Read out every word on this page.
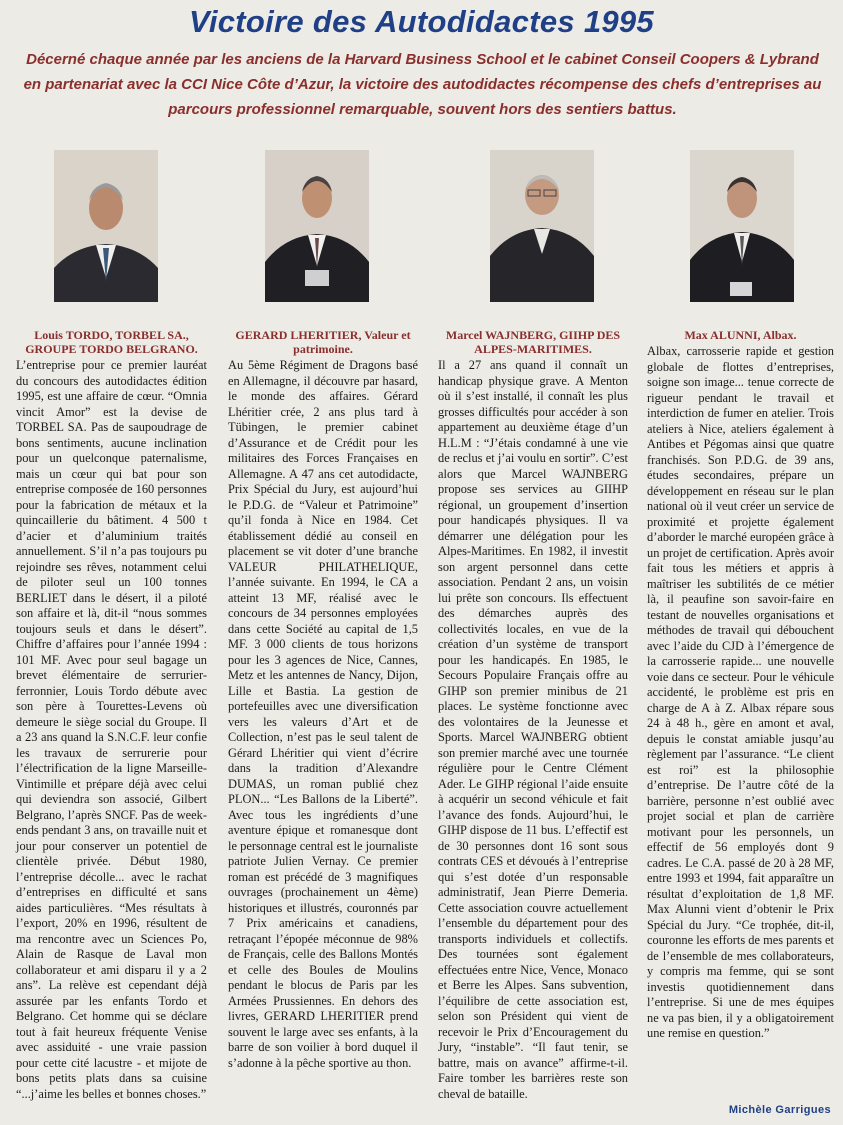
Victoire des Autodidactes 1995
Décerné chaque année par les anciens de la Harvard Business School et le cabinet Conseil Coopers & Lybrand en partenariat avec la CCI Nice Côte d’Azur, la victoire des autodidactes récompense des chefs d’entreprises au parcours professionnel remarquable, souvent hors des sentiers battus.
Louis TORDO, TORBEL SA., GROUPE TORDO BELGRANO.

L’entreprise pour ce premier lauréat du concours des autodidactes édition 1995, est une affaire de cœur. “Omnia vincit Amor” est la devise de TORBEL SA. Pas de saupoudrage de bons sentiments, aucune inclination pour un quelconque paternalisme, mais un cœur qui bat pour son entreprise composée de 160 personnes pour la fabrication de métaux et la quincaillerie du bâtiment. 4 500 t d’acier et d’aluminium traités annuellement. S’il n’a pas toujours pu rejoindre ses rêves, notamment celui de piloter seul un 100 tonnes BERLIET dans le désert, il a piloté son affaire et là, dit-il “nous sommes toujours seuls et dans le désert”. Chiffre d’affaires pour l’année 1994 : 101 MF. Avec pour seul bagage un brevet élémentaire de serrurier-ferronnier, Louis Tordo débute avec son père à Tourettes-Levens où demeure le siège social du Groupe. Il a 23 ans quand la S.N.C.F. leur confie les travaux de serrurerie pour l’électrification de la ligne Marseille-Vintimille et prépare déjà avec celui qui deviendra son associé, Gilbert Belgrano, l’après SNCF. Pas de week-ends pendant 3 ans, on travaille nuit et jour pour conserver un potentiel de clientèle privée. Début 1980, l’entreprise décolle... avec le rachat d’entreprises en difficulté et sans aides particulières. “Mes résultats à l’export, 20% en 1996, résultent de ma rencontre avec un Sciences Po, Alain de Rasque de Laval mon collaborateur et ami disparu il y a 2 ans”. La relève est cependant déjà assurée par les enfants Tordo et Belgrano. Cet homme qui se déclare tout à fait heureux fréquente Venise avec assiduité - une vraie passion pour cette cité lacustre - et mijote de bons petits plats dans sa cuisine “...j’aime les belles et bonnes choses.”

GERARD LHERITIER, Valeur et patrimoine.

Au 5ème Régiment de Dragons basé en Allemagne, il découvre par hasard, le monde des affaires. Gérard Lhéritier crée, 2 ans plus tard à Tübingen, le premier cabinet d’Assurance et de Crédit pour les militaires des Forces Françaises en Allemagne. A 47 ans cet autodidacte, Prix Spécial du Jury, est aujourd’hui le P.D.G. de “Valeur et Patrimoine” qu’il fonda à Nice en 1984. Cet établissement dédié au conseil en placement se vit doter d’une branche VALEUR PHILATHELIQUE, l’année suivante. En 1994, le CA a atteint 13 MF, réalisé avec le concours de 34 personnes employées dans cette Société au capital de 1,5 MF. 3 000 clients de tous horizons pour les 3 agences de Nice, Cannes, Metz et les antennes de Nancy, Dijon, Lille et Bastia. La gestion de portefeuilles avec une diversification vers les valeurs d’Art et de Collection, n’est pas le seul talent de Gérard Lhéritier qui vient d’écrire dans la tradition d’Alexandre DUMAS, un roman publié chez PLON... “Les Ballons de la Liberté”. Avec tous les ingrédients d’une aventure épique et romanesque dont le personnage central est le journaliste patriote Julien Vernay. Ce premier roman est précédé de 3 magnifiques ouvrages (prochainement un 4ème) historiques et illustrés, couronnés par 7 Prix américains et canadiens, retraçant l’épopée méconnue de 98% de Français, celle des Ballons Montés et celle des Boules de Moulins pendant le blocus de Paris par les Armées Prussiennes. En dehors des livres, GERARD LHERITIER prend souvent le large avec ses enfants, à la barre de son voilier à bord duquel il s’adonne à la pêche sportive au thon.

Marcel WAJNBERG, GIIHP DES ALPES-MARITIMES.

Il a 27 ans quand il connaît un handicap physique grave. A Menton où il s’est installé, il connaît les plus grosses difficultés pour accéder à son appartement au deuxième étage d’un H.L.M : “J’étais condamné à une vie de reclus et j’ai voulu en sortir”. C’est alors que Marcel WAJNBERG propose ses services au GIIHP régional, un groupement d’insertion pour handicapés physiques. Il va démarrer une délégation pour les Alpes-Maritimes. En 1982, il investit son argent personnel dans cette association. Pendant 2 ans, un voisin lui prête son concours. Ils effectuent des démarches auprès des collectivités locales, en vue de la création d’un système de transport pour les handicapés. En 1985, le Secours Populaire Français offre au GIHP son premier minibus de 21 places. Le système fonctionne avec des volontaires de la Jeunesse et Sports. Marcel WAJNBERG obtient son premier marché avec une tournée régulière pour le Centre Clément Ader. Le GIHP régional l’aide ensuite à acquérir un second véhicule et fait l’avance des fonds. Aujourd’hui, le GIHP dispose de 11 bus. L’effectif est de 30 personnes dont 16 sont sous contrats CES et dévoués à l’entreprise qui s’est dotée d’un responsable administratif, Jean Pierre Demeria. Cette association couvre actuellement l’ensemble du département pour des transports individuels et collectifs. Des tournées sont également effectuées entre Nice, Vence, Monaco et Berre les Alpes. Sans subvention, l’équilibre de cette association est, selon son Président qui vient de recevoir le Prix d’Encouragement du Jury, “instable”. “Il faut tenir, se battre, mais on avance” affirme-t-il. Faire tomber les barrières reste son cheval de bataille.

Max ALUNNI, Albax.

Albax, carrosserie rapide et gestion globale de flottes d’entreprises, soigne son image... tenue correcte de rigueur pendant le travail et interdiction de fumer en atelier. Trois ateliers à Nice, ateliers également à Antibes et Pégomas ainsi que quatre franchisés. Son P.D.G. de 39 ans, études secondaires, prépare un développement en réseau sur le plan national où il veut créer un service de proximité et projette également d’aborder le marché européen grâce à un projet de certification. Après avoir fait tous les métiers et appris à maîtriser les subtilités de ce métier là, il peaufine son savoir-faire en testant de nouvelles organisations et méthodes de travail qui débouchent avec l’aide du CJD à l’émergence de la carrosserie rapide... une nouvelle voie dans ce secteur. Pour le véhicule accidenté, le problème est pris en charge de A à Z. Albax répare sous 24 à 48 h., gère en amont et aval, depuis le constat amiable jusqu’au règlement par l’assurance. “Le client est roi” est la philosophie d’entreprise. De l’autre côté de la barrière, personne n’est oublié avec projet social et plan de carrière motivant pour les personnels, un effectif de 56 employés dont 9 cadres. Le C.A. passé de 20 à 28 MF, entre 1993 et 1994, fait apparaître un résultat d’exploitation de 1,8 MF. Max Alunni vient d’obtenir le Prix Spécial du Jury. “Ce trophée, dit-il, couronne les efforts de mes parents et de l’ensemble de mes collaborateurs, y compris ma femme, qui se sont investis quotidiennement dans l’entreprise. Si une de mes équipes ne va pas bien, il y a obligatoirement une remise en question.”

Michèle Garrigues
